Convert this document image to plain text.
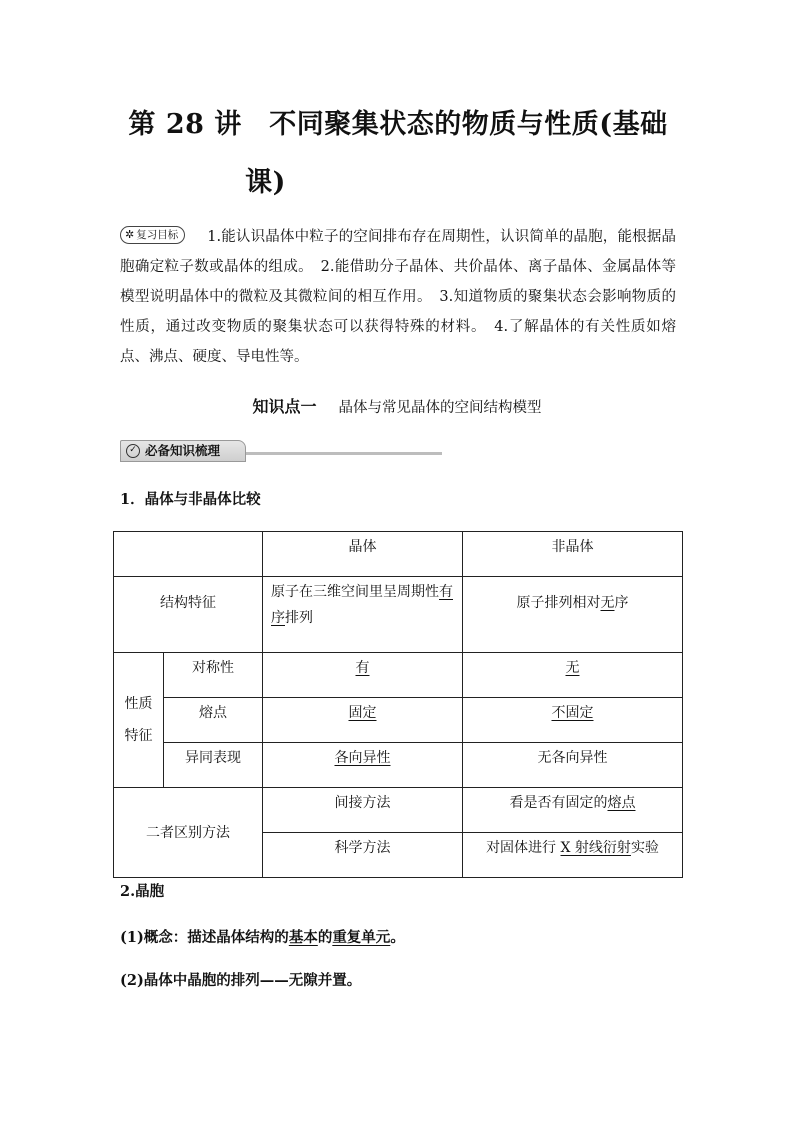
第 28 讲　不同聚集状态的物质与性质(基础
课)
✲ 复习目标 1.能认识晶体中粒子的空间排布存在周期性，认识简单的晶胞，能根据晶胞确定粒子数或晶体的组成。　2.能借助分子晶体、共价晶体、离子晶体、金属晶体等模型说明晶体中的微粒及其微粒间的相互作用。　3.知道物质的聚集状态会影响物质的性质，通过改变物质的聚集状态可以获得特殊的材料。　4.了解晶体的有关性质如熔点、沸点、硬度、导电性等。
知识点一 晶体与常见晶体的空间结构模型
✓ 必备知识梳理
1．晶体与非晶体比较
		晶体	非晶体
结构特征		原子在三维空间里呈周期性有序排列	原子排列相对无序
性质
特征	对称性	有	无
	熔点	固定	不固定
	异同表现	各向异性	无各向异性
二者区别方法		间接方法	看是否有固定的熔点
		科学方法	对固体进行 X 射线衍射实验
2.晶胞
(1)概念：描述晶体结构的基本的重复单元。
(2)晶体中晶胞的排列——无隙并置。
